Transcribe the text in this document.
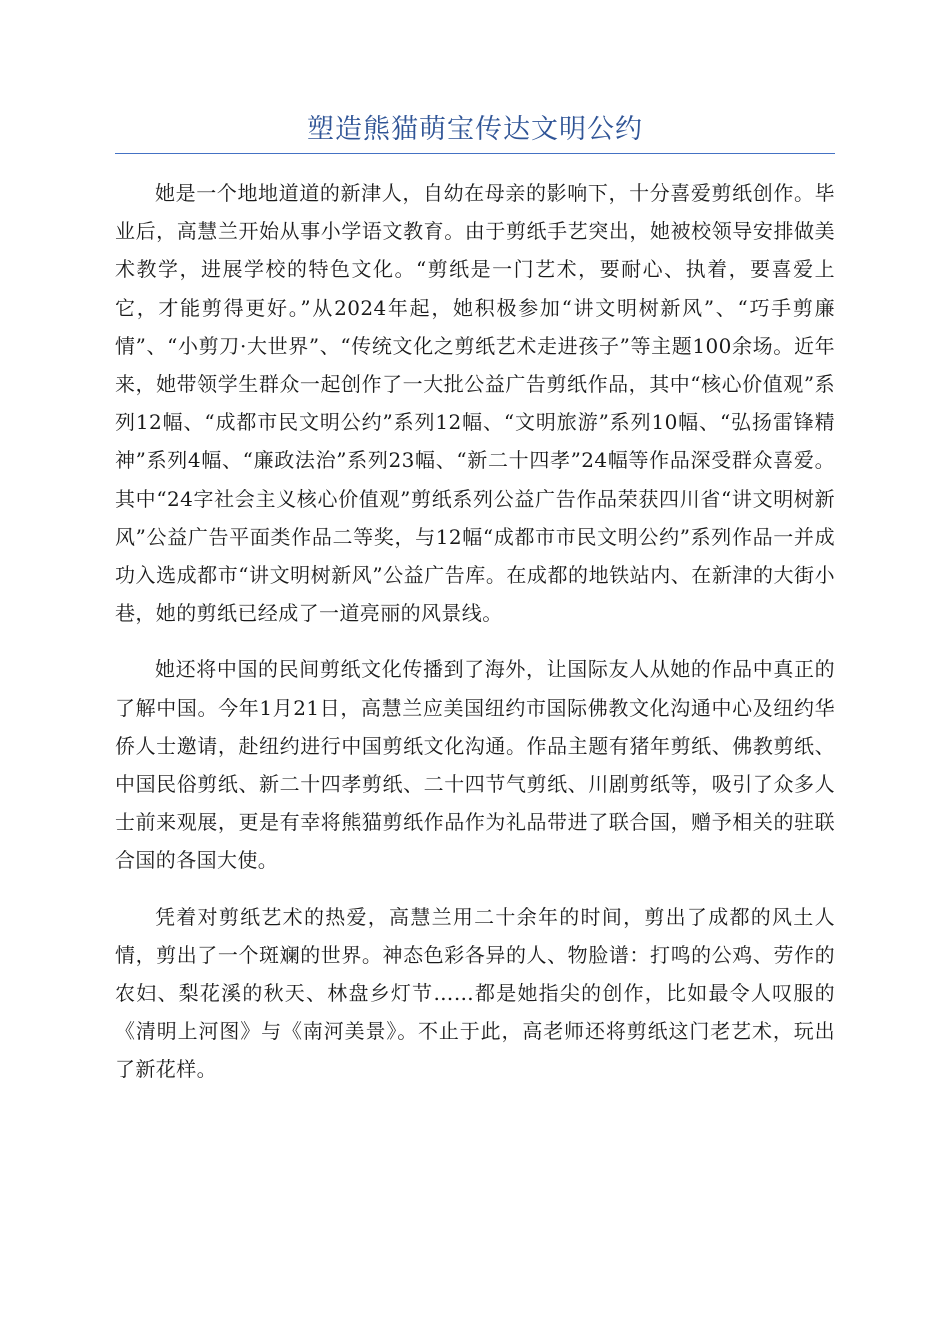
塑造熊猫萌宝传达文明公约

她是一个地地道道的新津人，自幼在母亲的影响下，十分喜爱剪纸创作。毕业后，高慧兰开始从事小学语文教育。由于剪纸手艺突出，她被校领导安排做美术教学，进展学校的特色文化。“剪纸是一门艺术，要耐心、执着，要喜爱上它，才能剪得更好。”从2024年起，她积极参加“讲文明树新风”、“巧手剪廉情”、“小剪刀·大世界”、“传统文化之剪纸艺术走进孩子”等主题100余场。近年来，她带领学生群众一起创作了一大批公益广告剪纸作品，其中“核心价值观”系列12幅、“成都市民文明公约”系列12幅、“文明旅游”系列10幅、“弘扬雷锋精神”系列4幅、“廉政法治”系列23幅、“新二十四孝”24幅等作品深受群众喜爱。其中“24字社会主义核心价值观”剪纸系列公益广告作品荣获四川省“讲文明树新风”公益广告平面类作品二等奖，与12幅“成都市市民文明公约”系列作品一并成功入选成都市“讲文明树新风”公益广告库。在成都的地铁站内、在新津的大街小巷，她的剪纸已经成了一道亮丽的风景线。

她还将中国的民间剪纸文化传播到了海外，让国际友人从她的作品中真正的了解中国。今年1月21日，高慧兰应美国纽约市国际佛教文化沟通中心及纽约华侨人士邀请，赴纽约进行中国剪纸文化沟通。作品主题有猪年剪纸、佛教剪纸、中国民俗剪纸、新二十四孝剪纸、二十四节气剪纸、川剧剪纸等，吸引了众多人士前来观展，更是有幸将熊猫剪纸作品作为礼品带进了联合国，赠予相关的驻联合国的各国大使。

凭着对剪纸艺术的热爱，高慧兰用二十余年的时间，剪出了成都的风土人情，剪出了一个斑斓的世界。神态色彩各异的人、物脸谱：打鸣的公鸡、劳作的农妇、梨花溪的秋天、林盘乡灯节……都是她指尖的创作，比如最令人叹服的《清明上河图》与《南河美景》。不止于此，高老师还将剪纸这门老艺术，玩出了新花样。
